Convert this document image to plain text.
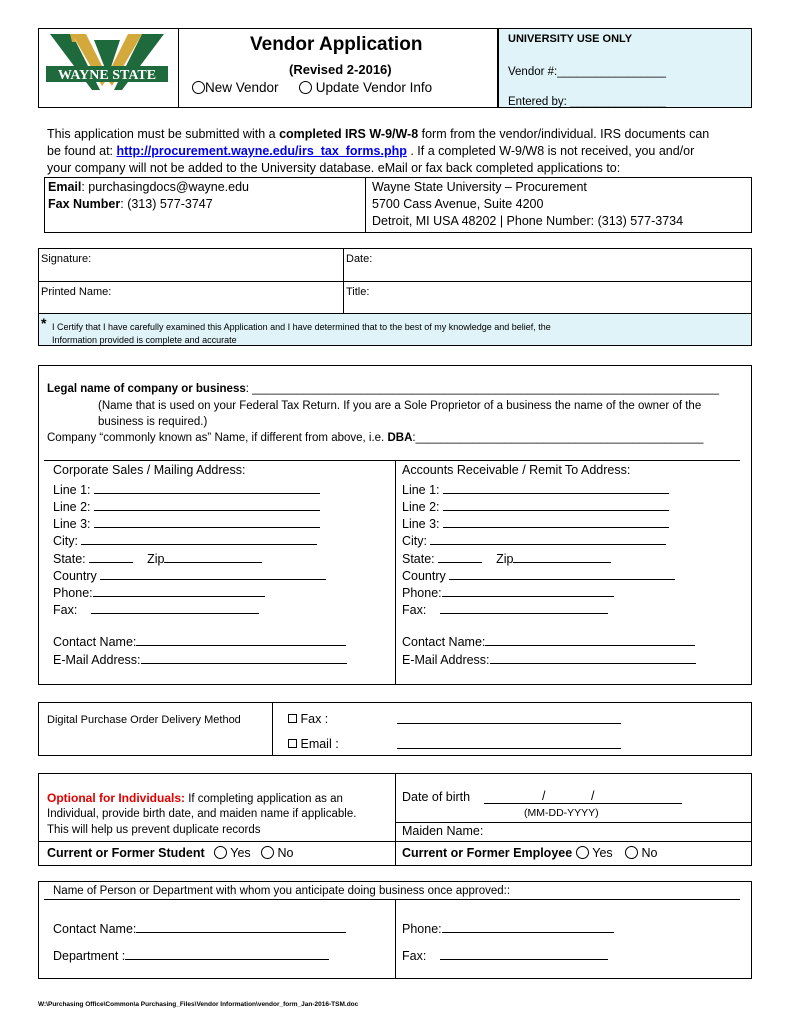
WAYNE STATE
Vendor Application
(Revised 2-2016)
New Vendor	Update Vendor Info
UNIVERSITY USE ONLY
Vendor #:_________________
Entered by: _______________
This application must be submitted with a completed IRS W-9/W-8 form from the vendor/individual. IRS documents can
be found at: http://procurement.wayne.edu/irs_tax_forms.php . If a completed W-9/W8 is not received, you and/or
your company will not be added to the University database. eMail or fax back completed applications to:
Email: purchasingdocs@wayne.edu
Fax Number: (313) 577-3747
Wayne State University – Procurement
5700 Cass Avenue, Suite 4200
Detroit, MI USA 48202 | Phone Number: (313) 577-3734
Signature:	Date:
Printed Name:	Title:
* I Certify that I have carefully examined this Application and I have determined that to the best of my knowledge and belief, the
Information provided is complete and accurate
Legal name of company or business: _________________________________________________________________________
(Name that is used on your Federal Tax Return. If you are a Sole Proprietor of a business the name of the owner of the
business is required.)
Company “commonly known as” Name, if different from above, i.e. DBA:_____________________________________________
Corporate Sales / Mailing Address:
Line 1:
Line 2:
Line 3:
City:
State:	Zip
Country
Phone:
Fax:
Contact Name:
E-Mail Address:
Accounts Receivable / Remit To Address:
Line 1:
Line 2:
Line 3:
City:
State:	Zip
Country
Phone:
Fax:
Contact Name:
E-Mail Address:
Digital Purchase Order Delivery Method	Fax :
Email :
Optional for Individuals: If completing application as an
Individual, provide birth date, and maiden name if applicable.
This will help us prevent duplicate records
Date of birth	/	/
(MM-DD-YYYY)
Maiden Name:
Current or Former Student	Yes	No	Current or Former Employee	Yes	No
Name of Person or Department with whom you anticipate doing business once approved::
Contact Name:
Department :
Phone:
Fax:
W:\Purchasing Office\Common\a Purchasing_Files\Vendor Information\vendor_form_Jan-2016-TSM.doc
